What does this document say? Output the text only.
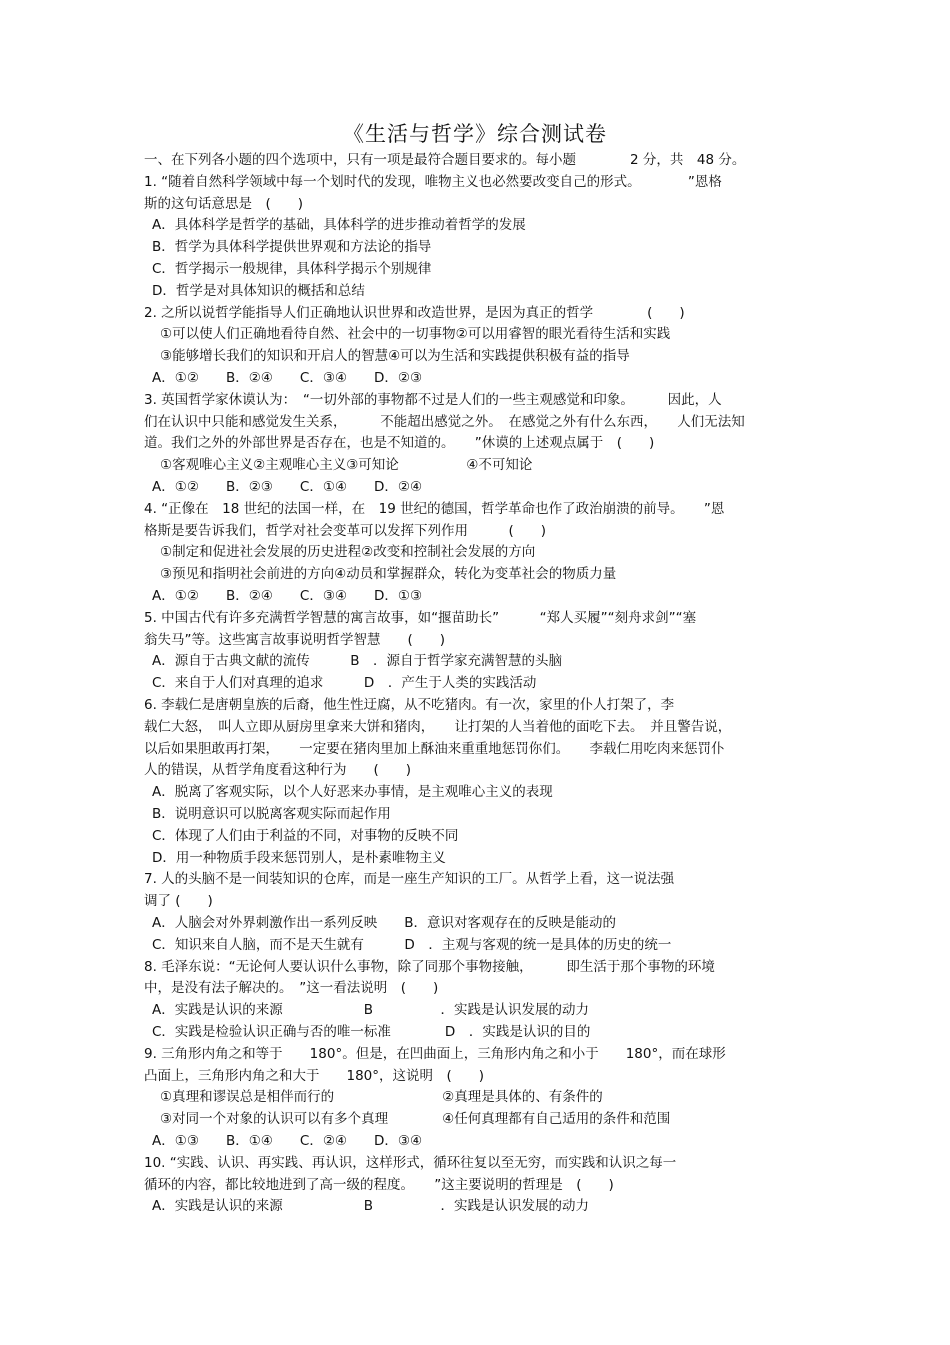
《生活与哲学》综合测试卷
一、在下列各小题的四个选项中，只有一项是最符合题目要求的。每小题　　　　2 分，共　48 分。
1. “随着自然科学领域中每一个划时代的发现，唯物主义也必然要改变自己的形式。　　　　”恩格
斯的这句话意思是　(　　)
A．具体科学是哲学的基础，具体科学的进步推动着哲学的发展
B．哲学为具体科学提供世界观和方法论的指导
C．哲学揭示一般规律，具体科学揭示个别规律
D．哲学是对具体知识的概括和总结
2. 之所以说哲学能指导人们正确地认识世界和改造世界，是因为真正的哲学　　　　(　　)
①可以使人们正确地看待自然、社会中的一切事物②可以用睿智的眼光看待生活和实践
③能够增长我们的知识和开启人的智慧④可以为生活和实践提供积极有益的指导
A．①②　　B．②④　　C．③④　　D．②③
3. 英国哲学家休谟认为：　“一切外部的事物都不过是人们的一些主观感觉和印象。　　　因此，人
们在认识中只能和感觉发生关系，　　　不能超出感觉之外。　在感觉之外有什么东西，　　人们无法知
道。我们之外的外部世界是否存在，也是不知道的。　　”休谟的上述观点属于　(　　)
①客观唯心主义②主观唯心主义③可知论　　　　　④不可知论
A．①②　　B．②③　　C．①④　　D．②④
4. “正像在　18 世纪的法国一样，在　19 世纪的德国，哲学革命也作了政治崩溃的前导。　　”恩
格斯是要告诉我们，哲学对社会变革可以发挥下列作用　　　(　　)
①制定和促进社会发展的历史进程②改变和控制社会发展的方向
③预见和指明社会前进的方向④动员和掌握群众，转化为变革社会的物质力量
A．①②　　B．②④　　C．③④　　D．①③
5. 中国古代有许多充满哲学智慧的寓言故事，如“揠苗助长”　　　“郑人买履”“刻舟求剑”“塞
翁失马”等。这些寓言故事说明哲学智慧　　(　　)
A．源自于古典文献的流传　　　B　．源自于哲学家充满智慧的头脑
C．来自于人们对真理的追求　　　D　．产生于人类的实践活动
6. 李载仁是唐朝皇族的后裔，他生性迂腐，从不吃猪肉。有一次，家里的仆人打架了，李
载仁大怒，　叫人立即从厨房里拿来大饼和猪肉，　　让打架的人当着他的面吃下去。　并且警告说，
以后如果胆敢再打架，　　一定要在猪肉里加上酥油来重重地惩罚你们。　　李载仁用吃肉来惩罚仆
人的错误，从哲学角度看这种行为　　(　　)
A．脱离了客观实际，以个人好恶来办事情，是主观唯心主义的表现
B．说明意识可以脱离客观实际而起作用
C．体现了人们由于利益的不同，对事物的反映不同
D．用一种物质手段来惩罚别人，是朴素唯物主义
7. 人的头脑不是一间装知识的仓库，而是一座生产知识的工厂。从哲学上看，这一说法强
调了 (　　)
A．人脑会对外界刺激作出一系列反映　　B．意识对客观存在的反映是能动的
C．知识来自人脑，而不是天生就有　　　D　．主观与客观的统一是具体的历史的统一
8. 毛泽东说：“无论何人要认识什么事物，除了同那个事物接触，　　　即生活于那个事物的环境
中，是没有法子解决的。　”这一看法说明　(　　)
A．实践是认识的来源　　　　　　B　　　　　．实践是认识发展的动力
C．实践是检验认识正确与否的唯一标准　　　　D　．实践是认识的目的
9. 三角形内角之和等于　　180°。但是，在凹曲面上，三角形内角之和小于　　180°，而在球形
凸面上，三角形内角之和大于　　180°，这说明　(　　)
①真理和谬误总是相伴而行的　　　　　　　　②真理是具体的、有条件的
③对同一个对象的认识可以有多个真理　　　　④任何真理都有自己适用的条件和范围
A．①③　　B．①④　　C．②④　　D．③④
10. “实践、认识、再实践、再认识，这样形式，循环往复以至无穷，而实践和认识之每一
循环的内容，都比较地进到了高一级的程度。　　”这主要说明的哲理是　(　　)
A．实践是认识的来源　　　　　　B　　　　　．实践是认识发展的动力
